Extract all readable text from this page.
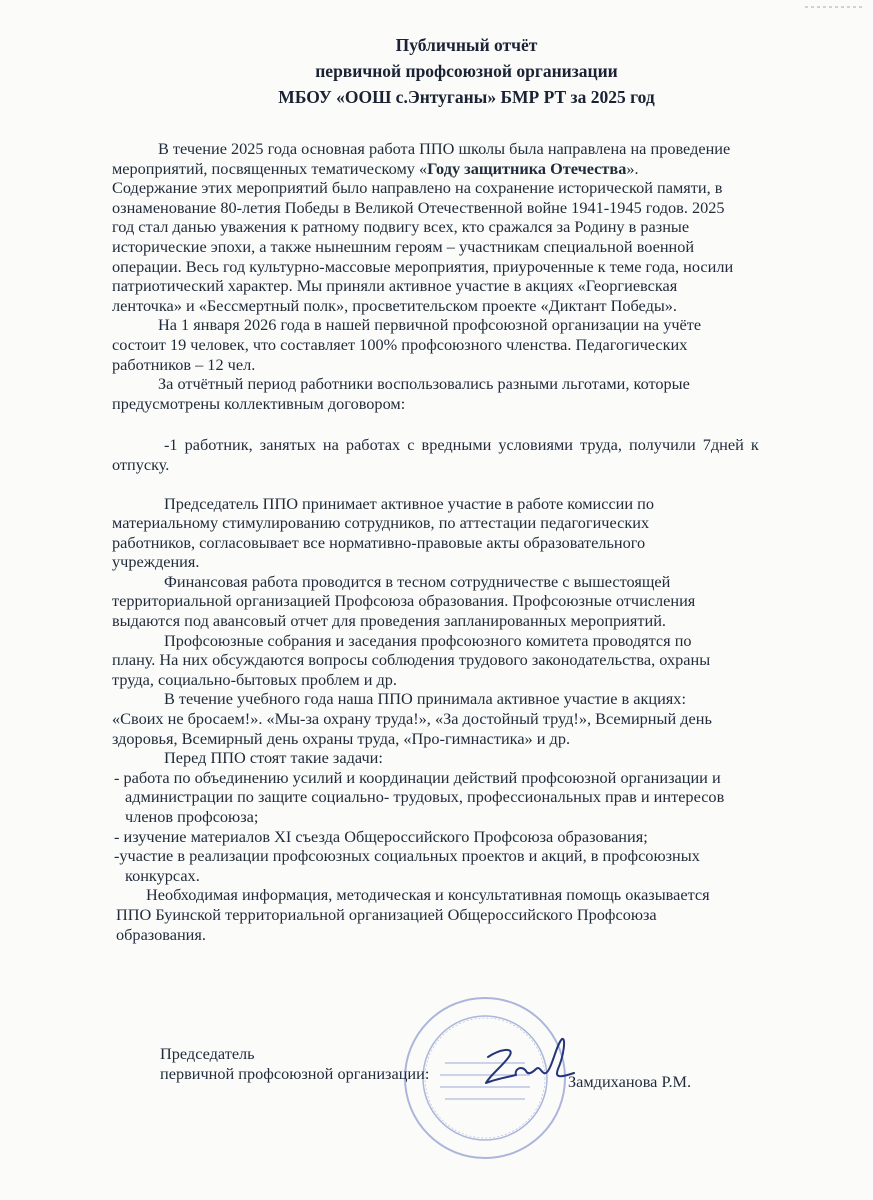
Публичный отчёт
первичной профсоюзной организации
МБОУ «ООШ с.Энтуганы» БМР РТ за 2025 год
В течение 2025 года основная работа ППО школы была направлена на проведение
мероприятий, посвященных тематическому «Году защитника Отечества».
Содержание этих мероприятий было направлено на сохранение исторической памяти, в
ознаменование 80-летия Победы в Великой Отечественной войне 1941-1945 годов. 2025
год стал данью уважения к ратному подвигу всех, кто сражался за Родину в разные
исторические эпохи, а также нынешним героям – участникам специальной военной
операции. Весь год культурно-массовые мероприятия, приуроченные к теме года, носили
патриотический характер. Мы приняли активное участие в акциях «Георгиевская
ленточка» и «Бессмертный полк», просветительском проекте «Диктант Победы».
На 1 января 2026 года в нашей первичной профсоюзной организации на учёте
состоит 19 человек, что составляет 100% профсоюзного членства. Педагогических
работников – 12 чел.
За отчётный период работники воспользовались разными льготами, которые
предусмотрены коллективным договором:
-1 работник, занятых на работах с вредными условиями труда, получили 7дней к
отпуску.
Председатель ППО принимает активное участие в работе комиссии по
материальному стимулированию сотрудников, по аттестации педагогических
работников, согласовывает все нормативно-правовые акты образовательного
учреждения.
Финансовая работа проводится в тесном сотрудничестве с вышестоящей
территориальной организацией Профсоюза образования. Профсоюзные отчисления
выдаются под авансовый отчет для проведения запланированных мероприятий.
Профсоюзные собрания и заседания профсоюзного комитета проводятся по
плану. На них обсуждаются вопросы соблюдения трудового законодательства, охраны
труда, социально-бытовых проблем и др.
В течение учебного года наша ППО принимала активное участие в акциях:
«Своих не бросаем!». «Мы-за охрану труда!», «За достойный труд!», Всемирный день
здоровья, Всемирный день охраны труда, «Про-гимнастика» и др.
Перед ППО стоят такие задачи:
- работа по объединению усилий и координации действий профсоюзной организации и
администрации по защите социально- трудовых, профессиональных прав и интересов
членов профсоюза;
- изучение материалов XI съезда Общероссийского Профсоюза образования;
-участие в реализации профсоюзных социальных проектов и акций, в профсоюзных
конкурсах.
Необходимая информация, методическая и консультативная помощь оказывается
ППО Буинской территориальной организацией Общероссийского Профсоюза
образования.
Председатель
первичной профсоюзной организации:	Замдиханова Р.М.
